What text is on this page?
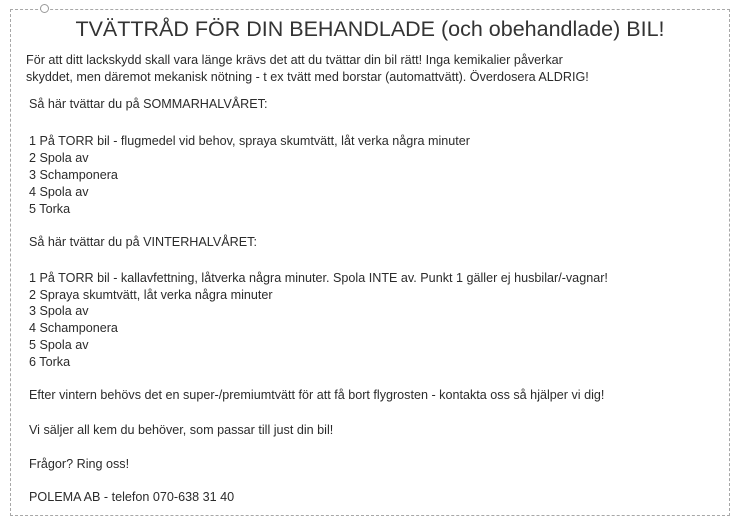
TVÄTTRÅD FÖR DIN BEHANDLADE (och obehandlade) BIL!

För att ditt lackskydd skall vara länge krävs det att du tvättar din bil rätt! Inga kemikalier påverkar
skyddet, men däremot mekanisk nötning - t ex tvätt med borstar (automattvätt). Överdosera ALDRIG!

Så här tvättar du på SOMMARHALVÅRET:

1 På TORR bil - flugmedel vid behov, spraya skumtvätt, låt verka några minuter

2 Spola av

3 Schamponera

4 Spola av

5 Torka

Så här tvättar du på VINTERHALVÅRET:

1 På TORR bil - kallavfettning, låtverka några minuter. Spola INTE av. Punkt 1 gäller ej husbilar/-vagnar!

2 Spraya skumtvätt, låt verka några minuter

3 Spola av

4 Schamponera

5 Spola av

6 Torka

Efter vintern behövs det en super-/premiumtvätt för att få bort flygrosten - kontakta oss så hjälper vi dig!

Vi säljer all kem du behöver, som passar till just din bil!

Frågor? Ring oss!

POLEMA AB - telefon 070-638 31 40
